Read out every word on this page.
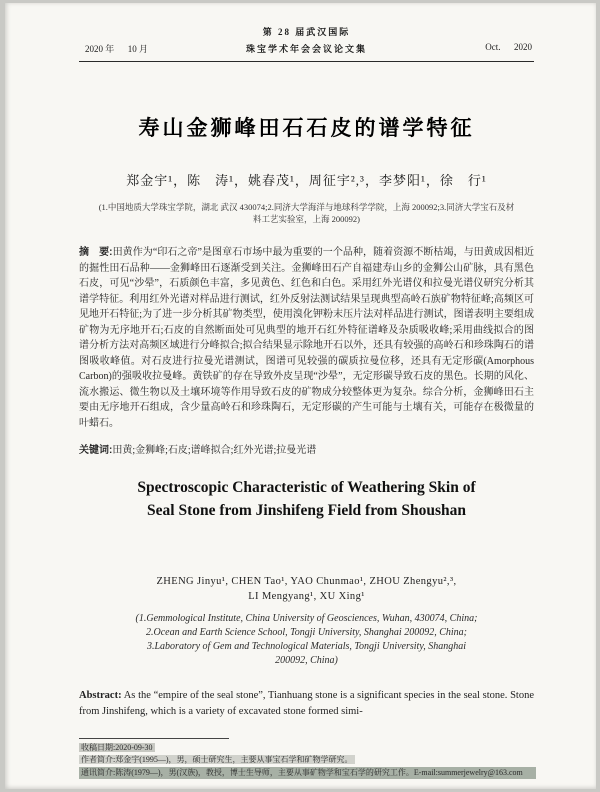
第 28 届武汉国际
2020 年      10 月	珠宝学术年会会议论文集	Oct.      2020
寿山金狮峰田石石皮的谱学特征
郑金宇¹，陈　涛¹，姚春茂¹，周征宇²,³，李梦阳¹，徐　行¹
(1.中国地质大学珠宝学院，湖北 武汉 430074;2.同济大学海洋与地球科学学院，上海 200092;3.同济大学宝石及材
料工艺实验室，上海 200092)

摘　要:田黄作为“印石之帝”是图章石市场中最为重要的一个品种，随着资源不断枯竭，与田黄成因相近的掘性田石品种——金狮峰田石逐渐受到关注。金狮峰田石产自福建寿山乡的金狮公山矿脉，具有黑色石皮，可见“沙晕”，石质颜色丰富，多见黄色、红色和白色。采用红外光谱仪和拉曼光谱仪研究分析其谱学特征。利用红外光谱对样品进行测试，红外反射法测试结果呈现典型高岭石族矿物特征峰;高频区可见地开石特征;为了进一步分析其矿物类型，使用溴化钾粉末压片法对样品进行测试，图谱表明主要组成矿物为无序地开石;石皮的自然断面处可见典型的地开石红外特征谱峰及杂质吸收峰;采用曲线拟合的图谱分析方法对高频区域进行分峰拟合;拟合结果显示除地开石以外，还具有较强的高岭石和珍珠陶石的谱图吸收峰值。对石皮进行拉曼光谱测试，图谱可见较强的碳质拉曼位移，还具有无定形碳(Amorphous Carbon)的强吸收拉曼峰。黄铁矿的存在导致外皮呈现“沙晕”，无定形碳导致石皮的黑色。长期的风化、流水搬运、微生物以及土壤环境等作用导致石皮的矿物成分较整体更为复杂。综合分析，金狮峰田石主要由无序地开石组成，含少量高岭石和珍珠陶石，无定形碳的产生可能与土壤有关，可能存在极微量的叶蜡石。

关键词:田黄;金狮峰;石皮;谱峰拟合;红外光谱;拉曼光谱

Spectroscopic Characteristic of Weathering Skin of
Seal Stone from Jinshifeng Field from Shoushan
ZHENG Jinyu¹, CHEN Tao¹, YAO Chunmao¹, ZHOU Zhengyu²,³,
LI Mengyang¹, XU Xing¹
(1.Gemmological Institute, China University of Geosciences, Wuhan, 430074, China;
2.Ocean and Earth Science School, Tongji University, Shanghai 200092, China;
3.Laboratory of Gem and Technological Materials, Tongji University, Shanghai
200092, China)

Abstract: As the “empire of the seal stone”, Tianhuang stone is a significant species in the seal stone. Stone from Jinshifeng, which is a variety of excavated stone formed simi-

收稿日期:2020-09-30
作者简介:郑金宇(1995—)，男，硕士研究生，主要从事宝石学和矿物学研究。
通讯简介:陈涛(1979—)，男(汉族)，教授，博士生导师，主要从事矿物学和宝石学的研究工作。E-mail:summerjewelry@163.com
